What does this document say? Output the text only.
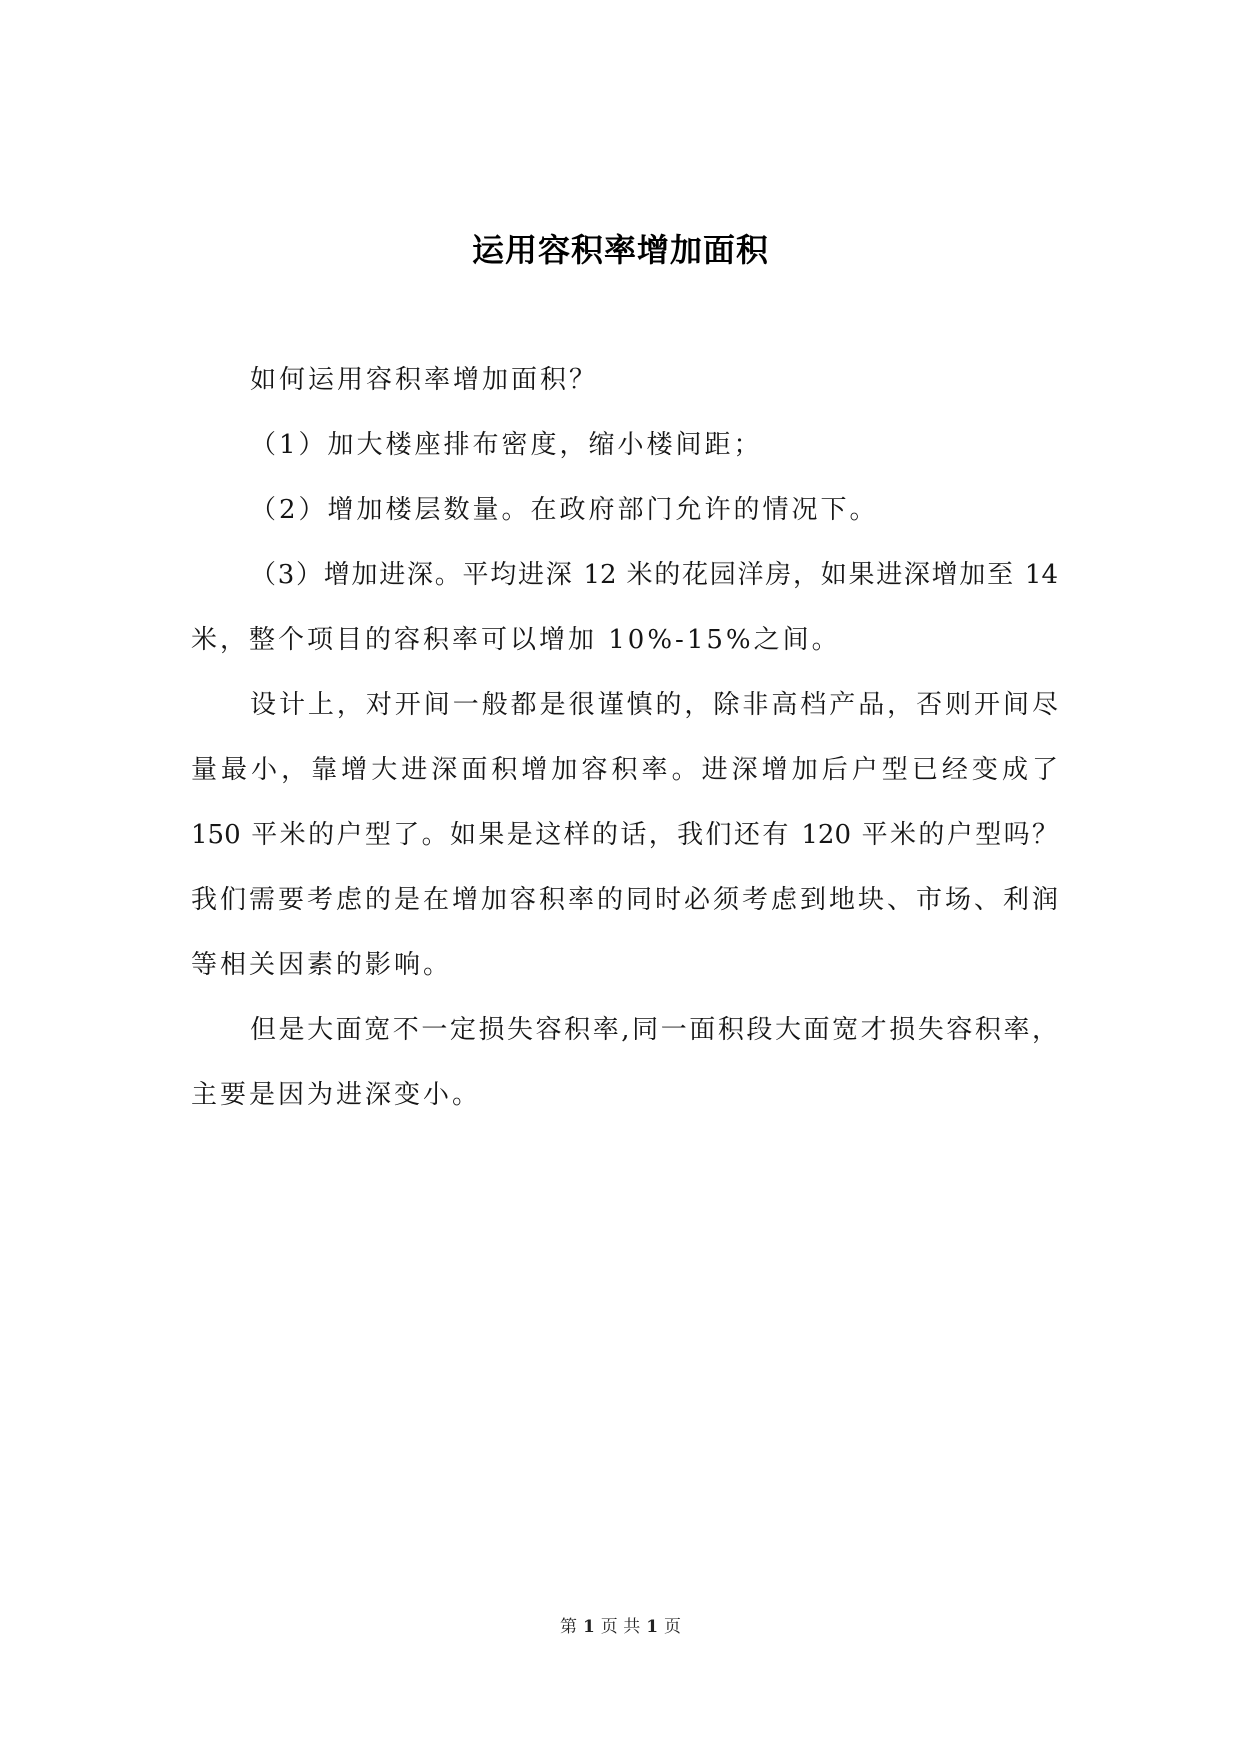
运用容积率增加面积

如何运用容积率增加面积？

（1）加大楼座排布密度，缩小楼间距；

（2）增加楼层数量。在政府部门允许的情况下。

（3）增加进深。平均进深 12 米的花园洋房，如果进深增加至 14
米，整个项目的容积率可以增加 10%-15%之间。

设计上，对开间一般都是很谨慎的，除非高档产品，否则开间尽
量最小，靠增大进深面积增加容积率。进深增加后户型已经变成了
150 平米的户型了。如果是这样的话，我们还有 120 平米的户型吗？
我们需要考虑的是在增加容积率的同时必须考虑到地块、市场、利润
等相关因素的影响。

但是大面宽不一定损失容积率,同一面积段大面宽才损失容积率，
主要是因为进深变小。

第 1 页 共 1 页
